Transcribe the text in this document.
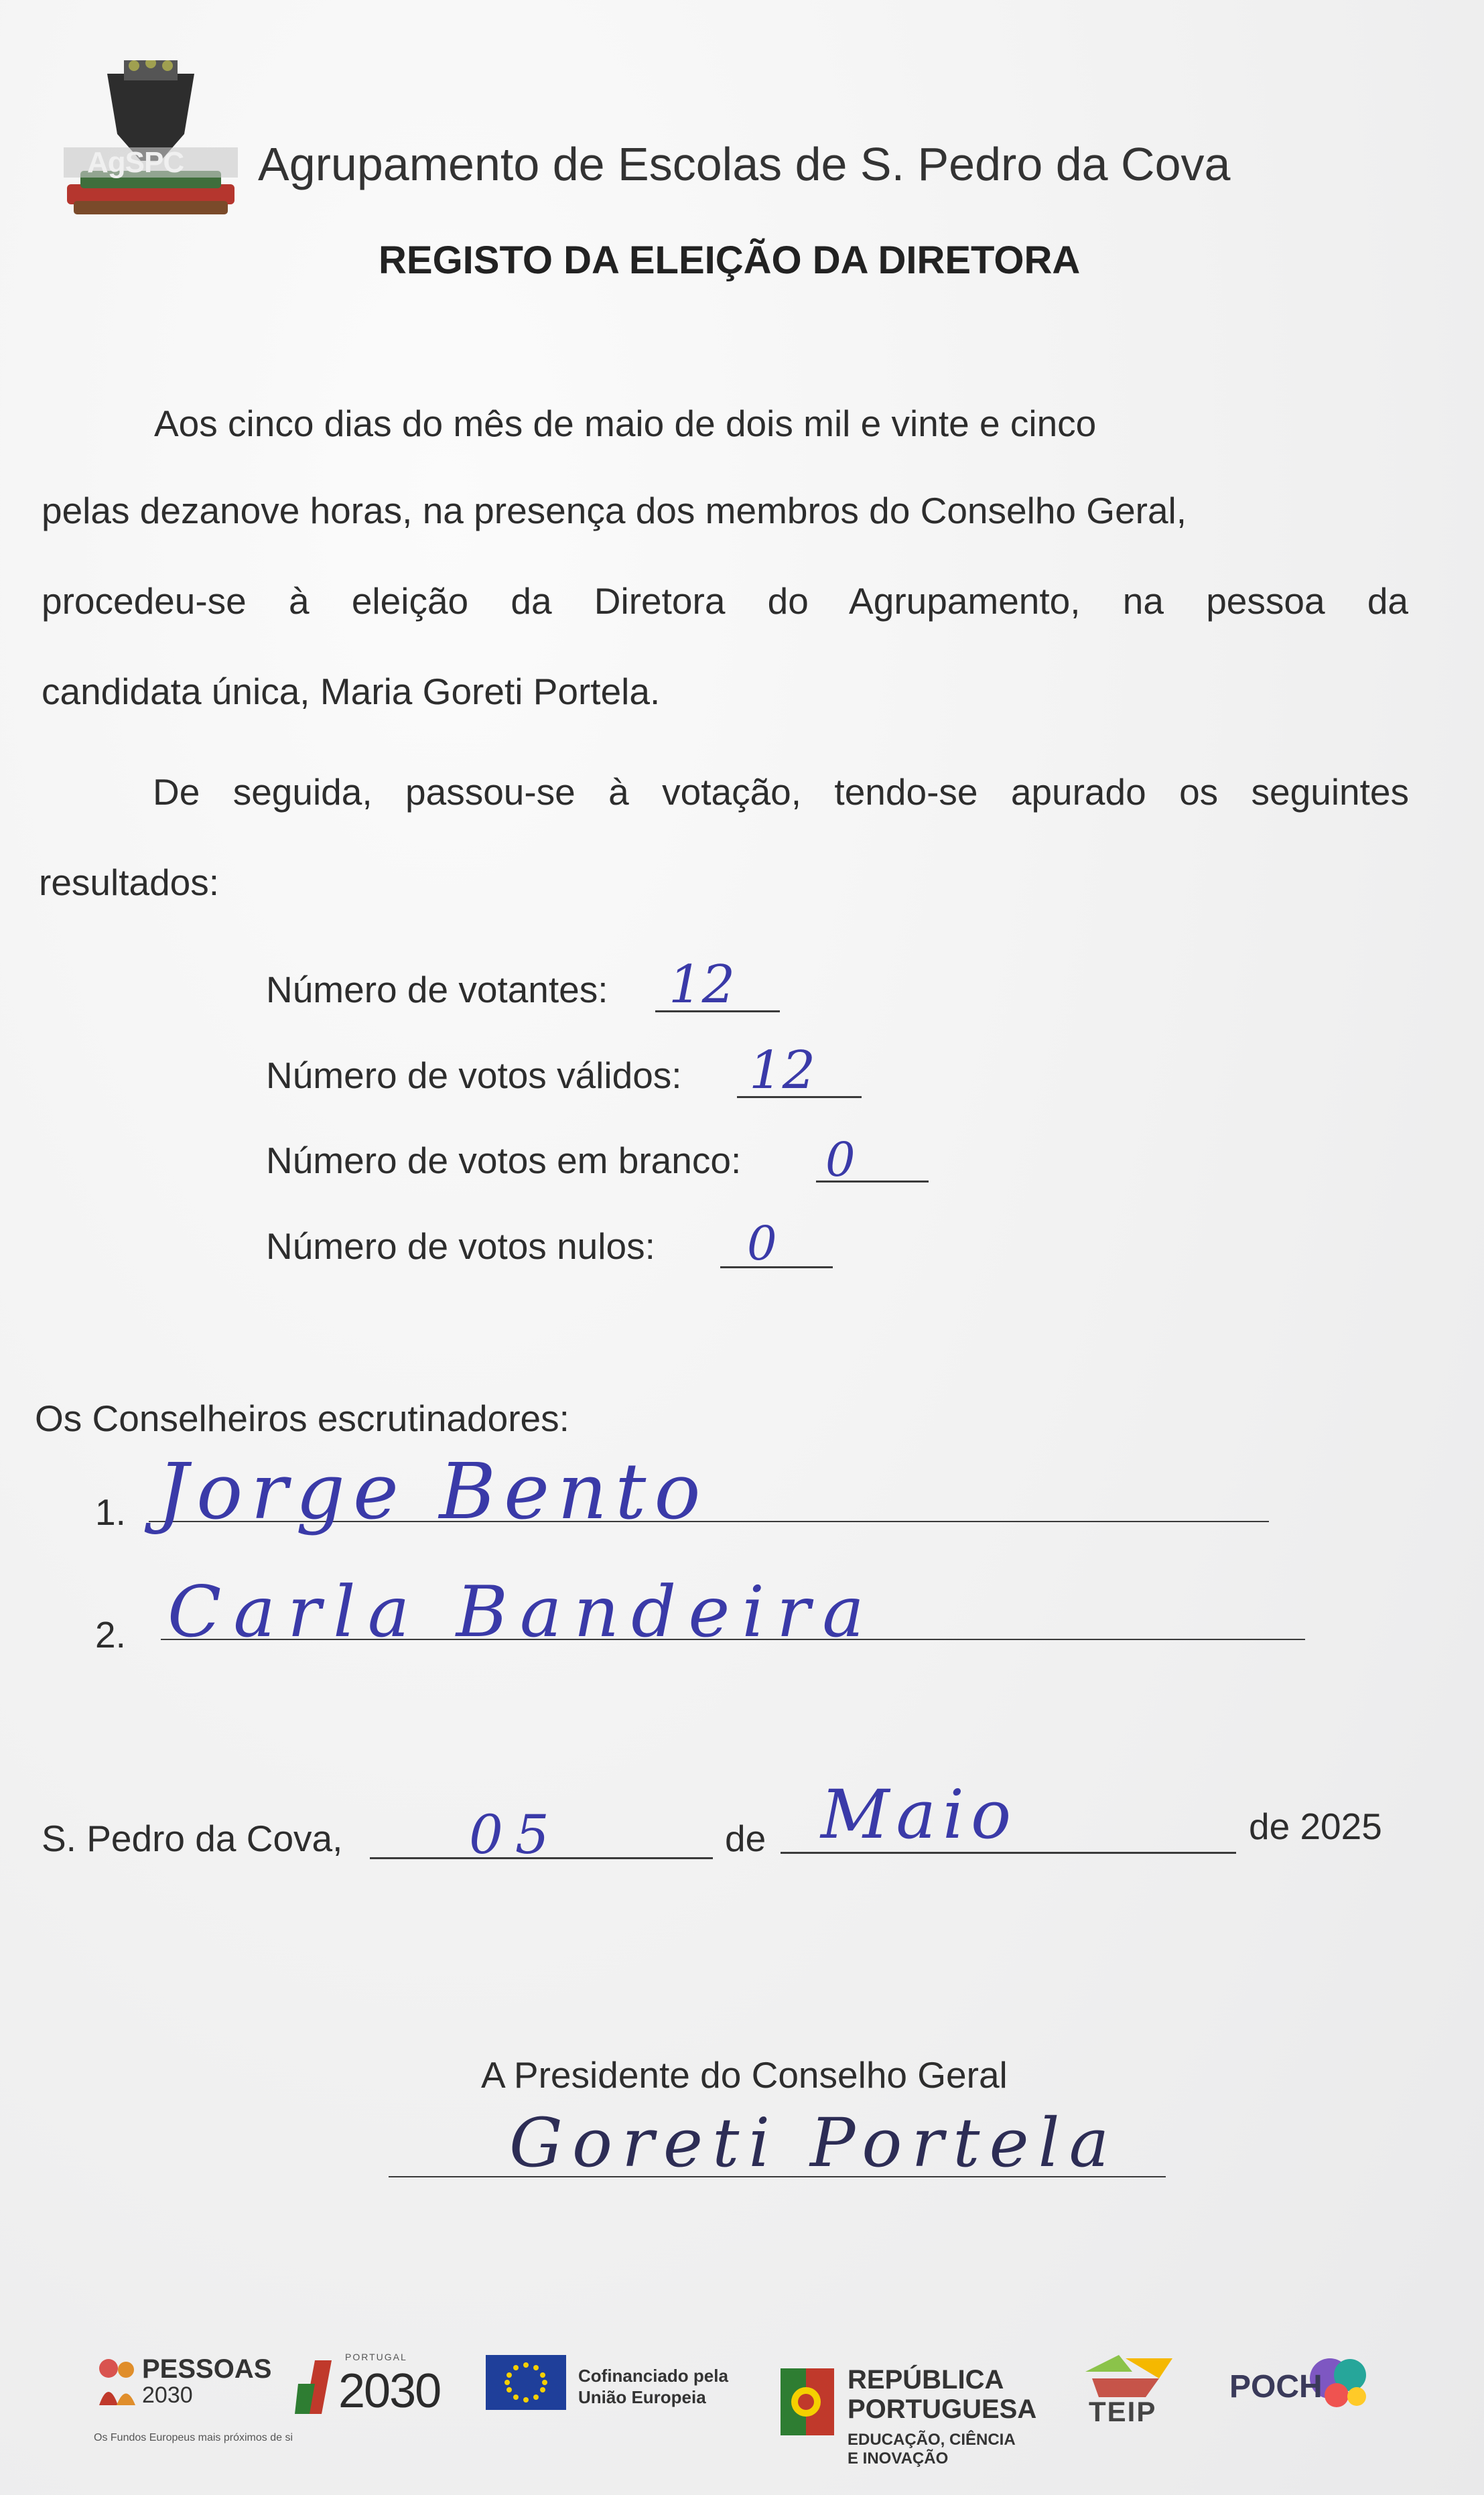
AgSPC Agrupamento de Escolas de S. Pedro da Cova
REGISTO DA ELEIÇÃO DA DIRETORA
Aos cinco dias do mês de maio de dois mil e vinte e cinco
pelas dezanove horas, na presença dos membros do Conselho Geral,
procedeu-se à eleição da Diretora do Agrupamento, na pessoa da
candidata única, Maria Goreti Portela.
De seguida, passou-se à votação, tendo-se apurado os seguintes
resultados:
Número de votantes: 12
Número de votos válidos: 12
Número de votos em branco: 0
Número de votos nulos: 0
Os Conselheiros escrutinadores:
1. Jorge Bento
2. Carla Bandeira
S. Pedro da Cova, 05	de Maio	de 2025
A Presidente do Conselho Geral
Goreti Portela
PESSOAS
2030
Os Fundos Europeus mais próximos de si
PORTUGAL
2030	Cofinanciado pela
União Europeia
REPÚBLICA
PORTUGUESA
EDUCAÇÃO, CIÊNCIA
E INOVAÇÃO
TEIP
POCH
